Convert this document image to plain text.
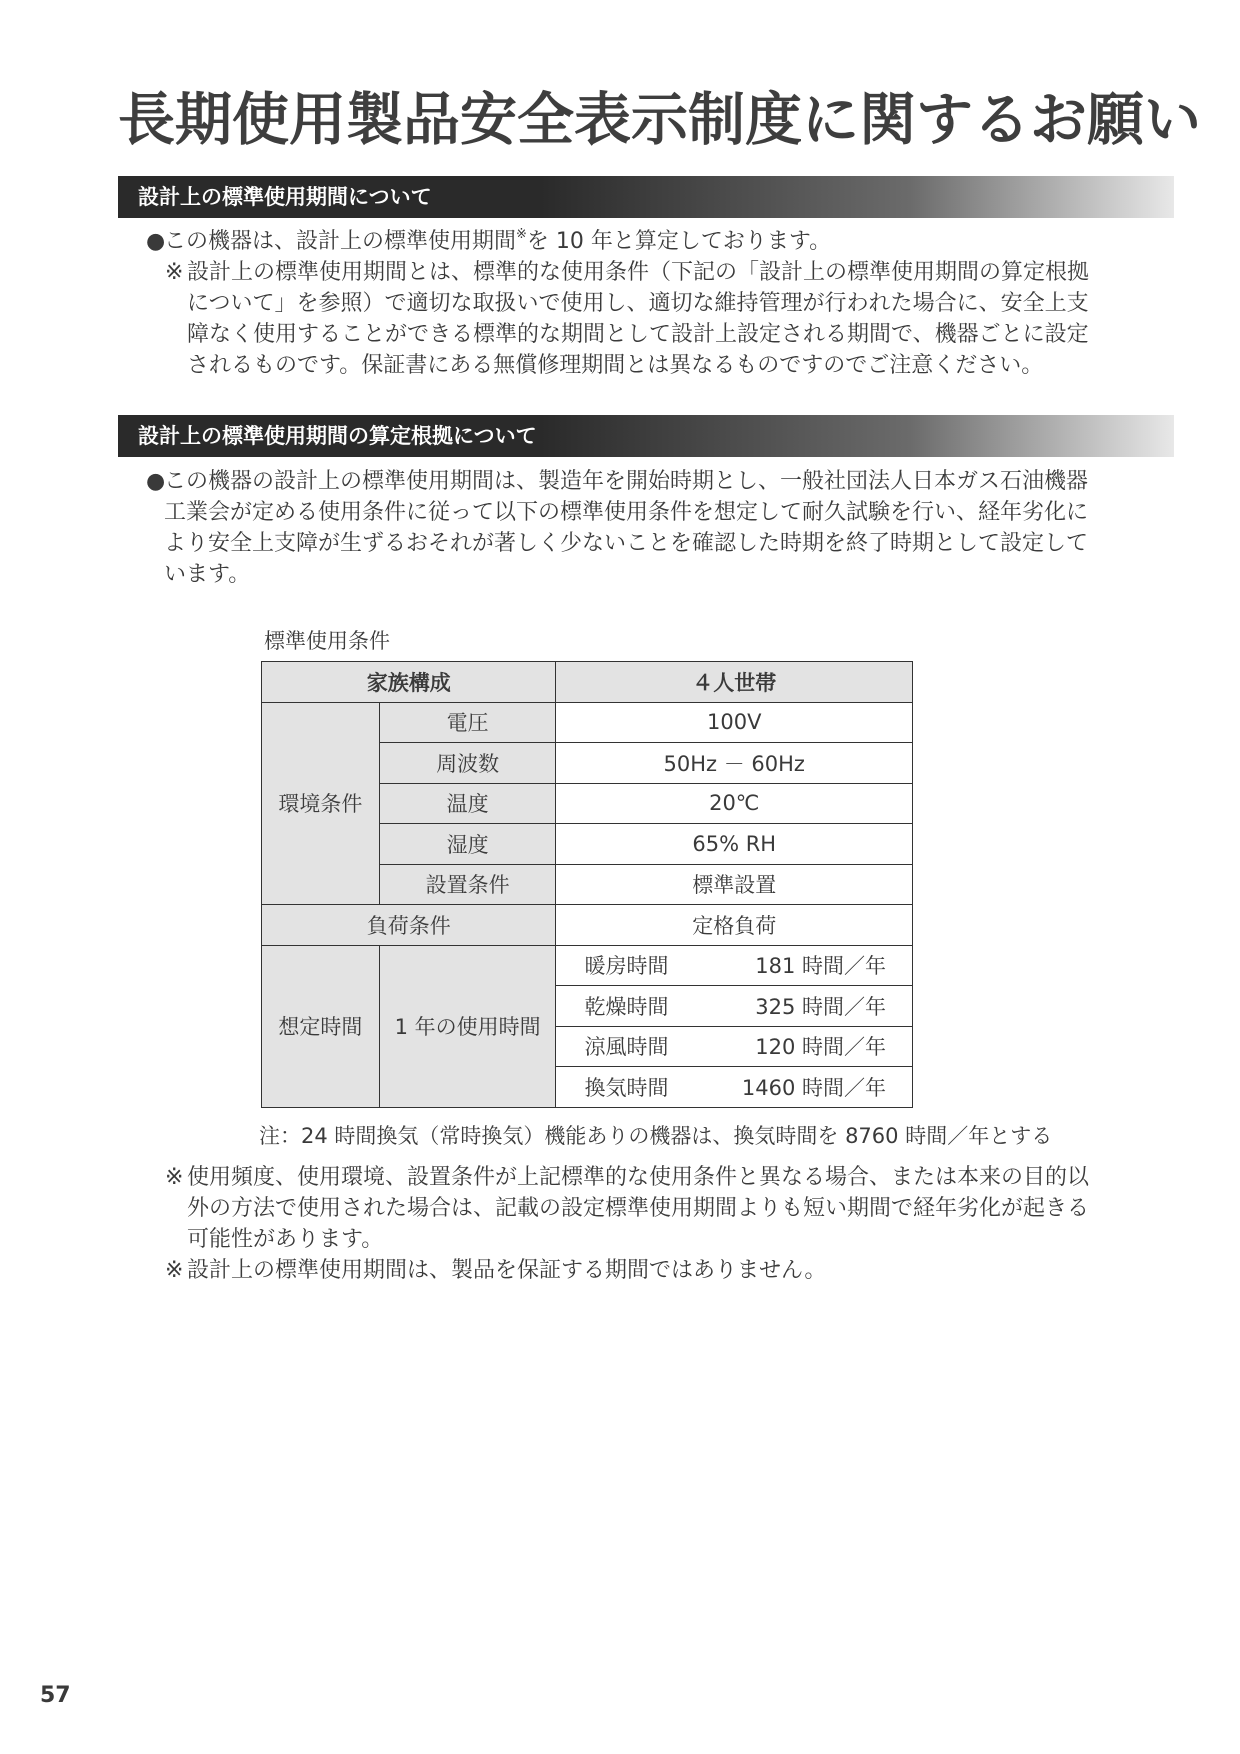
長期使用製品安全表示制度に関するお願い
設計上の標準使用期間について

●この機器は、設計上の標準使用期間※を 10 年と算定しております。

※ 設計上の標準使用期間とは、標準的な使用条件（下記の「設計上の標準使用期間の算定根拠

について」を参照）で適切な取扱いで使用し、適切な維持管理が行われた場合に、安全上支

障なく使用することができる標準的な期間として設計上設定される期間で、機器ごとに設定

されるものです。保証書にある無償修理期間とは異なるものですのでご注意ください。

設計上の標準使用期間の算定根拠について

●この機器の設計上の標準使用期間は、製造年を開始時期とし、一般社団法人日本ガス石油機器

工業会が定める使用条件に従って以下の標準使用条件を想定して耐久試験を行い、経年劣化に

より安全上支障が生ずるおそれが著しく少ないことを確認した時期を終了時期として設定して

います。

標準使用条件

家族構成		４人世帯
環境条件	電圧	100V
	周波数	50Hz － 60Hz
	温度	20℃
	湿度	65% RH
	設置条件	標準設置
負荷条件		定格負荷
想定時間	1 年の使用時間	暖房時間 181 時間／年

		乾燥時間 325 時間／年

		涼風時間 120 時間／年

		換気時間 1460 時間／年

注：24 時間換気（常時換気）機能ありの機器は、換気時間を 8760 時間／年とする

※ 使用頻度、使用環境、設置条件が上記標準的な使用条件と異なる場合、または本来の目的以

外の方法で使用された場合は、記載の設定標準使用期間よりも短い期間で経年劣化が起きる

可能性があります。

※ 設計上の標準使用期間は、製品を保証する期間ではありません。

57
